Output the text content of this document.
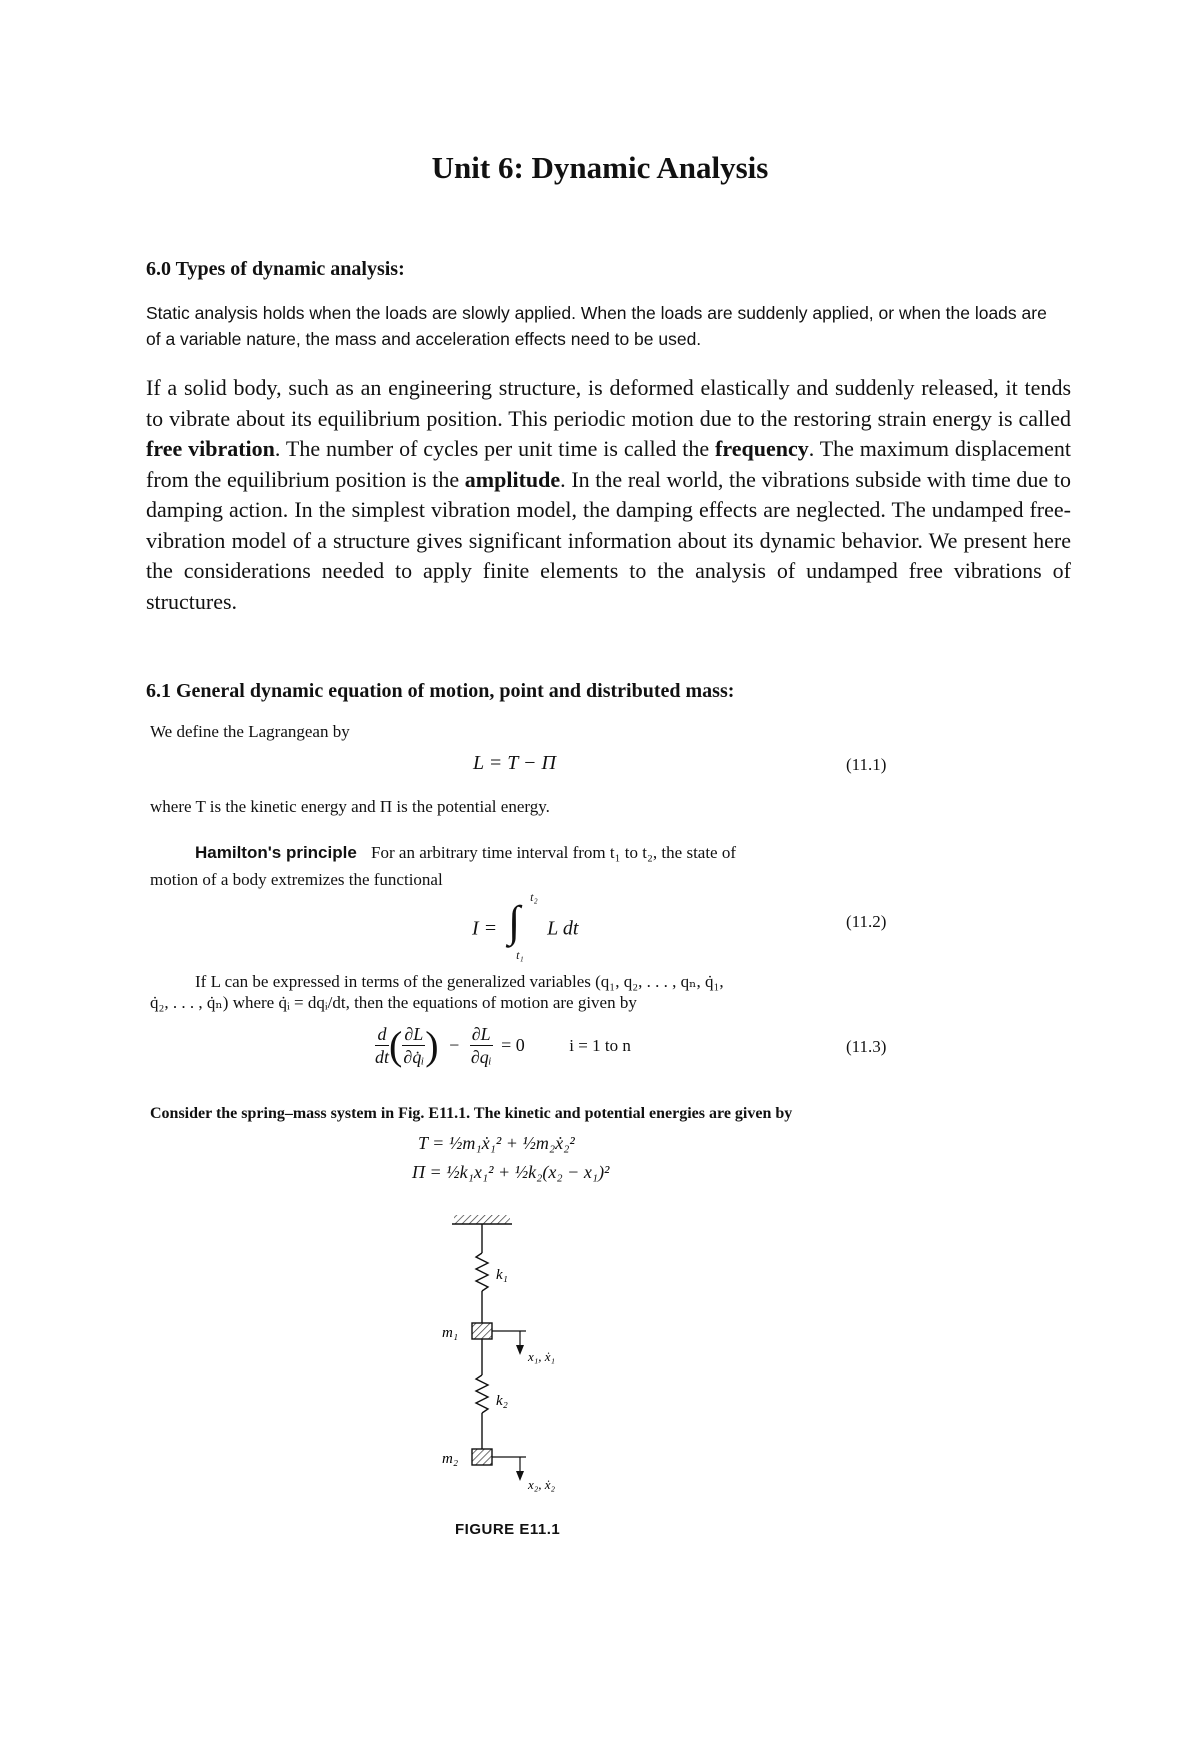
Unit 6: Dynamic Analysis
6.0 Types of dynamic analysis:
Static analysis holds when the loads are slowly applied. When the loads are suddenly applied, or when the loads are of a variable nature, the mass and acceleration effects need to be used.
If a solid body, such as an engineering structure, is deformed elastically and suddenly released, it tends to vibrate about its equilibrium position. This periodic motion due to the restoring strain energy is called free vibration. The number of cycles per unit time is called the frequency. The maximum displacement from the equilibrium position is the amplitude. In the real world, the vibrations subside with time due to damping action. In the simplest vibration model, the damping effects are neglected. The undamped free-vibration model of a structure gives significant information about its dynamic behavior. We present here the considerations needed to apply finite elements to the analysis of undamped free vibrations of structures.
6.1 General dynamic equation of motion, point and distributed mass:
We define the Lagrangean by
L = T − Π	(11.1)
where T is the kinetic energy and Π is the potential energy.
Hamilton's principle For an arbitrary time interval from t₁ to t₂, the state of
motion of a body extremizes the functional
I = ∫ t₂
t₁
L dt	(11.2)
If L can be expressed in terms of the generalized variables (q₁, q₂, . . . , qₙ, q̇₁,
q̇₂, . . . , q̇ₙ) where q̇ᵢ = dqᵢ/dt, then the equations of motion are given by
$\frac{d}{dt}$ ( $\frac{\partial L}{\text{∂q̇ᵢ}}$ ) − $\frac{\partial L}{\text{∂qᵢ}} = 0$	i = 1 to n	(11.3)
Consider the spring–mass system in Fig. E11.1. The kinetic and potential energies are given by
T = ½m₁ẋ₁² + ½m₂ẋ₂²
Π = ½k₁x₁² + ½k₂(x₂ − x₁)²
k₁
m₁
x₁, ẋ₁
k₂
m₂
x₂, ẋ₂
FIGURE E11.1
